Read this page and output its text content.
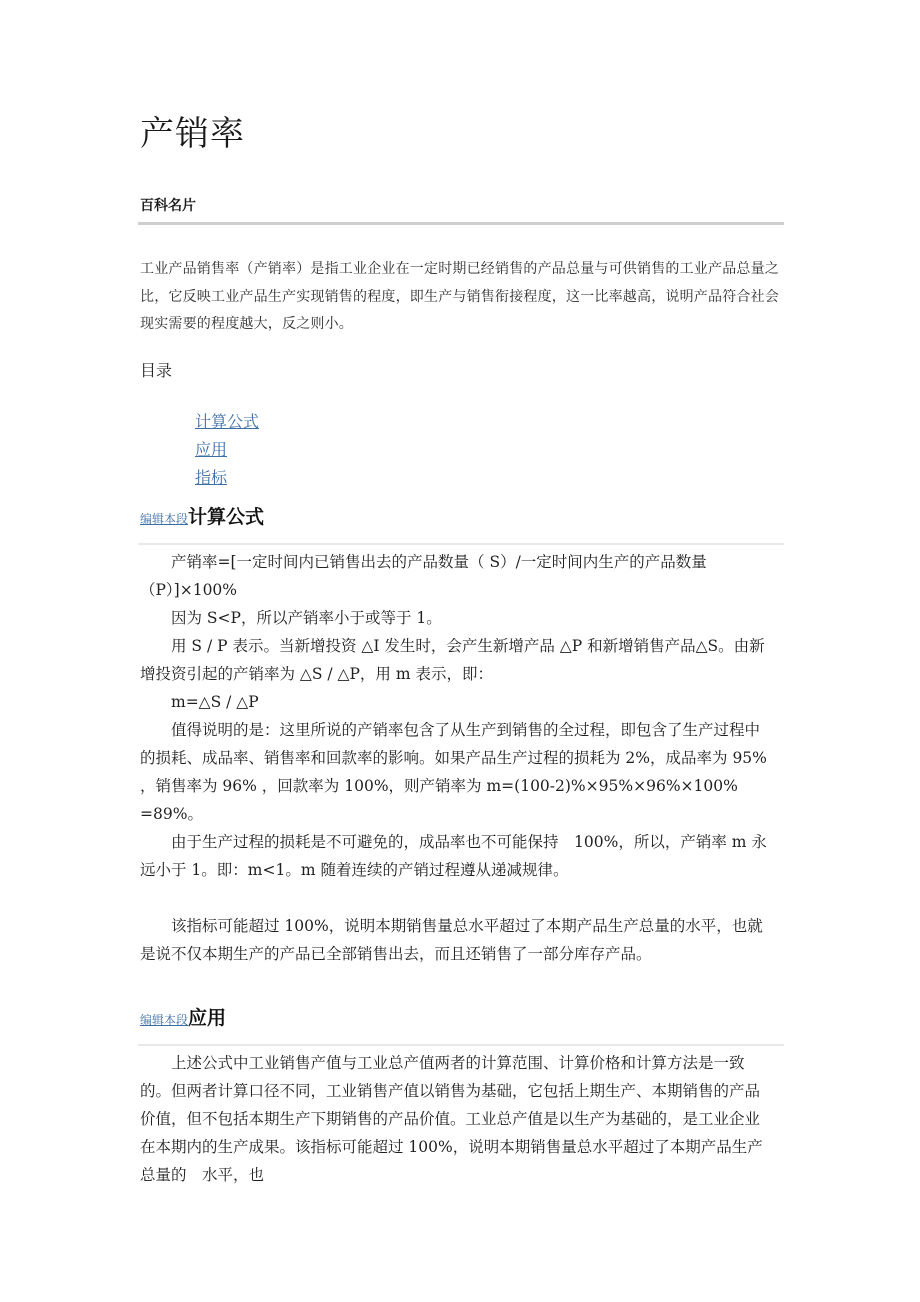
产销率
百科名片

工业产品销售率（产销率）是指工业企业在一定时期已经销售的产品总量与可供销售的工业产品总量之比，它反映工业产品生产实现销售的程度，即生产与销售衔接程度，这一比率越高，说明产品符合社会现实需要的程度越大，反之则小。

目录
计算公式
应用
指标
编辑本段计算公式

产销率=[一定时间内已销售出去的产品数量（ S）/一定时间内生产的产品数量（P）]×100%

因为 S<P，所以产销率小于或等于 1。

用 S / P 表示。当新增投资 △I 发生时，会产生新增产品 △P 和新增销售产品△S。由新增投资引起的产销率为 △S / △P，用 m 表示，即：

m=△S / △P

值得说明的是：这里所说的产销率包含了从生产到销售的全过程，即包含了生产过程中的损耗、成品率、销售率和回款率的影响。如果产品生产过程的损耗为 2%，成品率为 95% ，销售率为 96% ，回款率为 100%，则产销率为 m=(100-2)%×95%×96%×100% =89%。

由于生产过程的损耗是不可避免的，成品率也不可能保持　100%，所以，产销率 m 永远小于 1。即：m<1。m 随着连续的产销过程遵从递减规律。

该指标可能超过 100%，说明本期销售量总水平超过了本期产品生产总量的水平，也就是说不仅本期生产的产品已全部销售出去，而且还销售了一部分库存产品。

编辑本段应用

上述公式中工业销售产值与工业总产值两者的计算范围、计算价格和计算方法是一致的。但两者计算口径不同，工业销售产值以销售为基础，它包括上期生产、本期销售的产品价值，但不包括本期生产下期销售的产品价值。工业总产值是以生产为基础的，是工业企业在本期内的生产成果。该指标可能超过 100%，说明本期销售量总水平超过了本期产品生产总量的　水平，也
